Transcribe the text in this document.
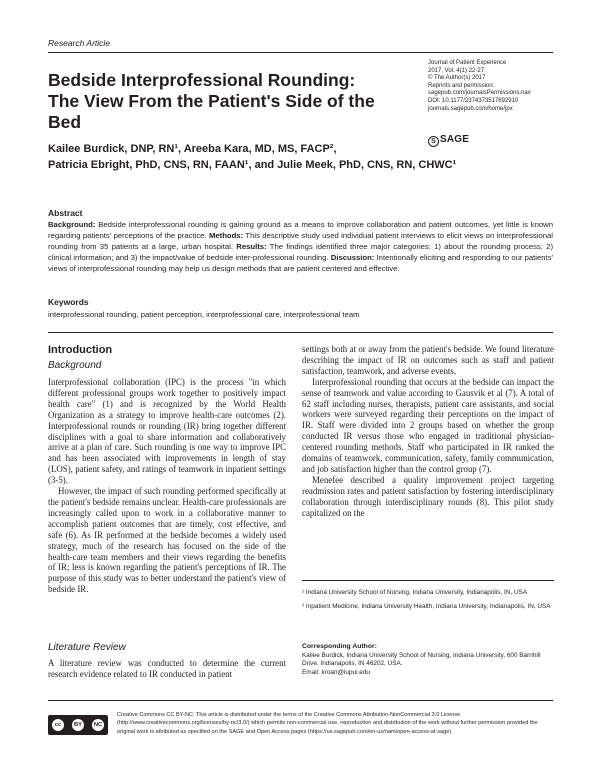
Research Article
Bedside Interprofessional Rounding:
The View From the Patient's Side of the Bed
Journal of Patient Experience
2017, Vol. 4(1) 22-27
© The Author(s) 2017
Reprints and permission:
sagepub.com/journalsPermissions.nav
DOI: 10.1177/2374373517692910
journals.sagepub.com/home/jpx
S SAGE
Kailee Burdick, DNP, RN¹, Areeba Kara, MD, MS, FACP²,
Patricia Ebright, PhD, CNS, RN, FAAN¹, and Julie Meek, PhD, CNS, RN, CHWC¹
Abstract
Background: Bedside interprofessional rounding is gaining ground as a means to improve collaboration and patient outcomes, yet little is known regarding patients' perceptions of the practice. Methods: This descriptive study used individual patient interviews to elicit views on interprofessional rounding from 35 patients at a large, urban hospital. Results: The findings identified three major categories: 1) about the rounding process; 2) clinical information; and 3) the impact/value of bedside inter-professional rounding. Discussion: Intentionally eliciting and responding to our patients' views of interprofessional rounding may help us design methods that are patient centered and effective.
Keywords
interprofessional rounding, patient perception, interprofessional care, interprofessional team
Introduction
Background

Interprofessional collaboration (IPC) is the process "in which different professional groups work together to positively impact health care" (1) and is recognized by the World Health Organization as a strategy to improve health-care outcomes (2). Interprofessional rounds or rounding (IR) bring together different disciplines with a goal to share information and collaboratively arrive at a plan of care. Such rounding is one way to improve IPC and has been associated with improvements in length of stay (LOS), patient safety, and ratings of teamwork in inpatient settings (3-5).

However, the impact of such rounding performed specifically at the patient's bedside remains unclear. Health-care professionals are increasingly called upon to work in a collaborative manner to accomplish patient outcomes that are timely, cost effective, and safe (6). As IR performed at the bedside becomes a widely used strategy, much of the research has focused on the side of the health-care team members and their views regarding the benefits of IR; less is known regarding the patient's perceptions of IR. The purpose of this study was to better understand the patient's view of bedside IR.

Literature Review

A literature review was conducted to determine the current research evidence related to IR conducted in patient

settings both at or away from the patient's bedside. We found literature describing the impact of IR on outcomes such as staff and patient satisfaction, teamwork, and adverse events.

Interprofessional rounding that occurs at the bedside can impact the sense of teamwork and value according to Gausvik et al (7). A total of 62 staff including nurses, therapists, patient care assistants, and social workers were surveyed regarding their perceptions on the impact of IR. Staff were divided into 2 groups based on whether the group conducted IR versus those who engaged in traditional physician-centered rounding methods. Staff who participated in IR ranked the domains of teamwork, communication, safety, family communication, and job satisfaction higher than the control group (7).

Menefee described a quality improvement project targeting readmission rates and patient satisfaction by fostering interdisciplinary collaboration through interdisciplinary rounds (8). This pilot study capitalized on the

¹ Indiana University School of Nursing, Indiana University, Indianapolis, IN, USA

² Inpatient Medicine, Indiana University Health, Indiana University, Indianapolis, IN, USA

Corresponding Author:
Kailee Burdick, Indiana University School of Nursing, Indiana University, 600 Barnhill Drive, Indianapolis, IN 46202, USA.
Email: kroan@iupui.edu
cc	BY	NC
Creative Commons CC BY-NC: This article is distributed under the terms of the Creative Commons Attribution-NonCommercial 3.0 License (http://www.creativecommons.org/licenses/by-nc/3.0/) which permits non-commercial use, reproduction and distribution of the work without further permission provided the original work is attributed as specified on the SAGE and Open Access pages (https://us.sagepub.com/en-us/nam/open-access-at-sage).
